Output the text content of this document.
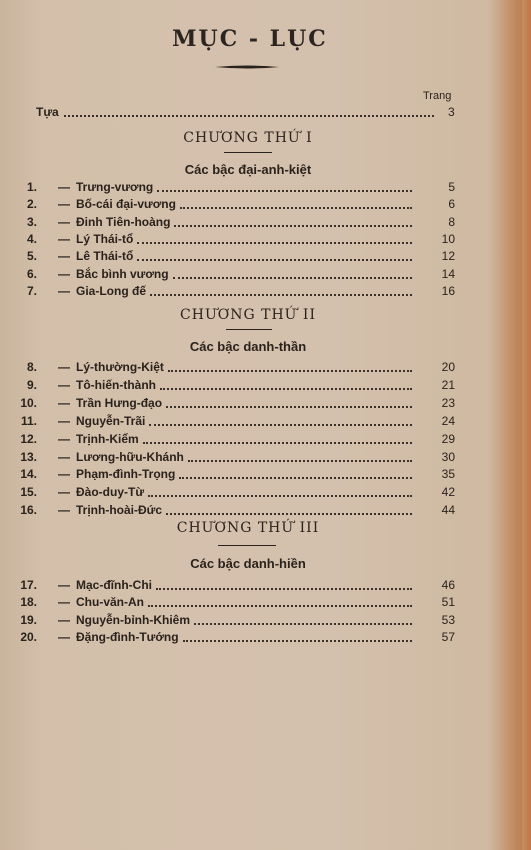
MỤC - LỤC
Trang
Tựa	3
CHƯƠNG THỨ I
Các bậc đại-anh-kiệt
1. — Trưng-vương	5
2. — Bố-cái đại-vương	6
3. — Đinh Tiên-hoàng	8
4. — Lý Thái-tổ	10
5. — Lê Thái-tổ	12
6. — Bắc bình vương	14
7. — Gia-Long đế	16
CHƯƠNG THỨ II
Các bậc danh-thần
8. — Lý-thường-Kiệt	20
9. — Tô-hiến-thành	21
10. — Trần Hưng-đạo	23
11. — Nguyễn-Trãi	24
12. — Trịnh-Kiểm	29
13. — Lương-hữu-Khánh	30
14. — Phạm-đình-Trọng	35
15. — Đào-duy-Từ	42
16. — Trịnh-hoài-Đức	44
CHƯƠNG THỨ III
Các bậc danh-hiền
17. — Mạc-đĩnh-Chi	46
18. — Chu-văn-An	51
19. — Nguyễn-bỉnh-Khiêm	53
20. — Đặng-đình-Tướng	57
